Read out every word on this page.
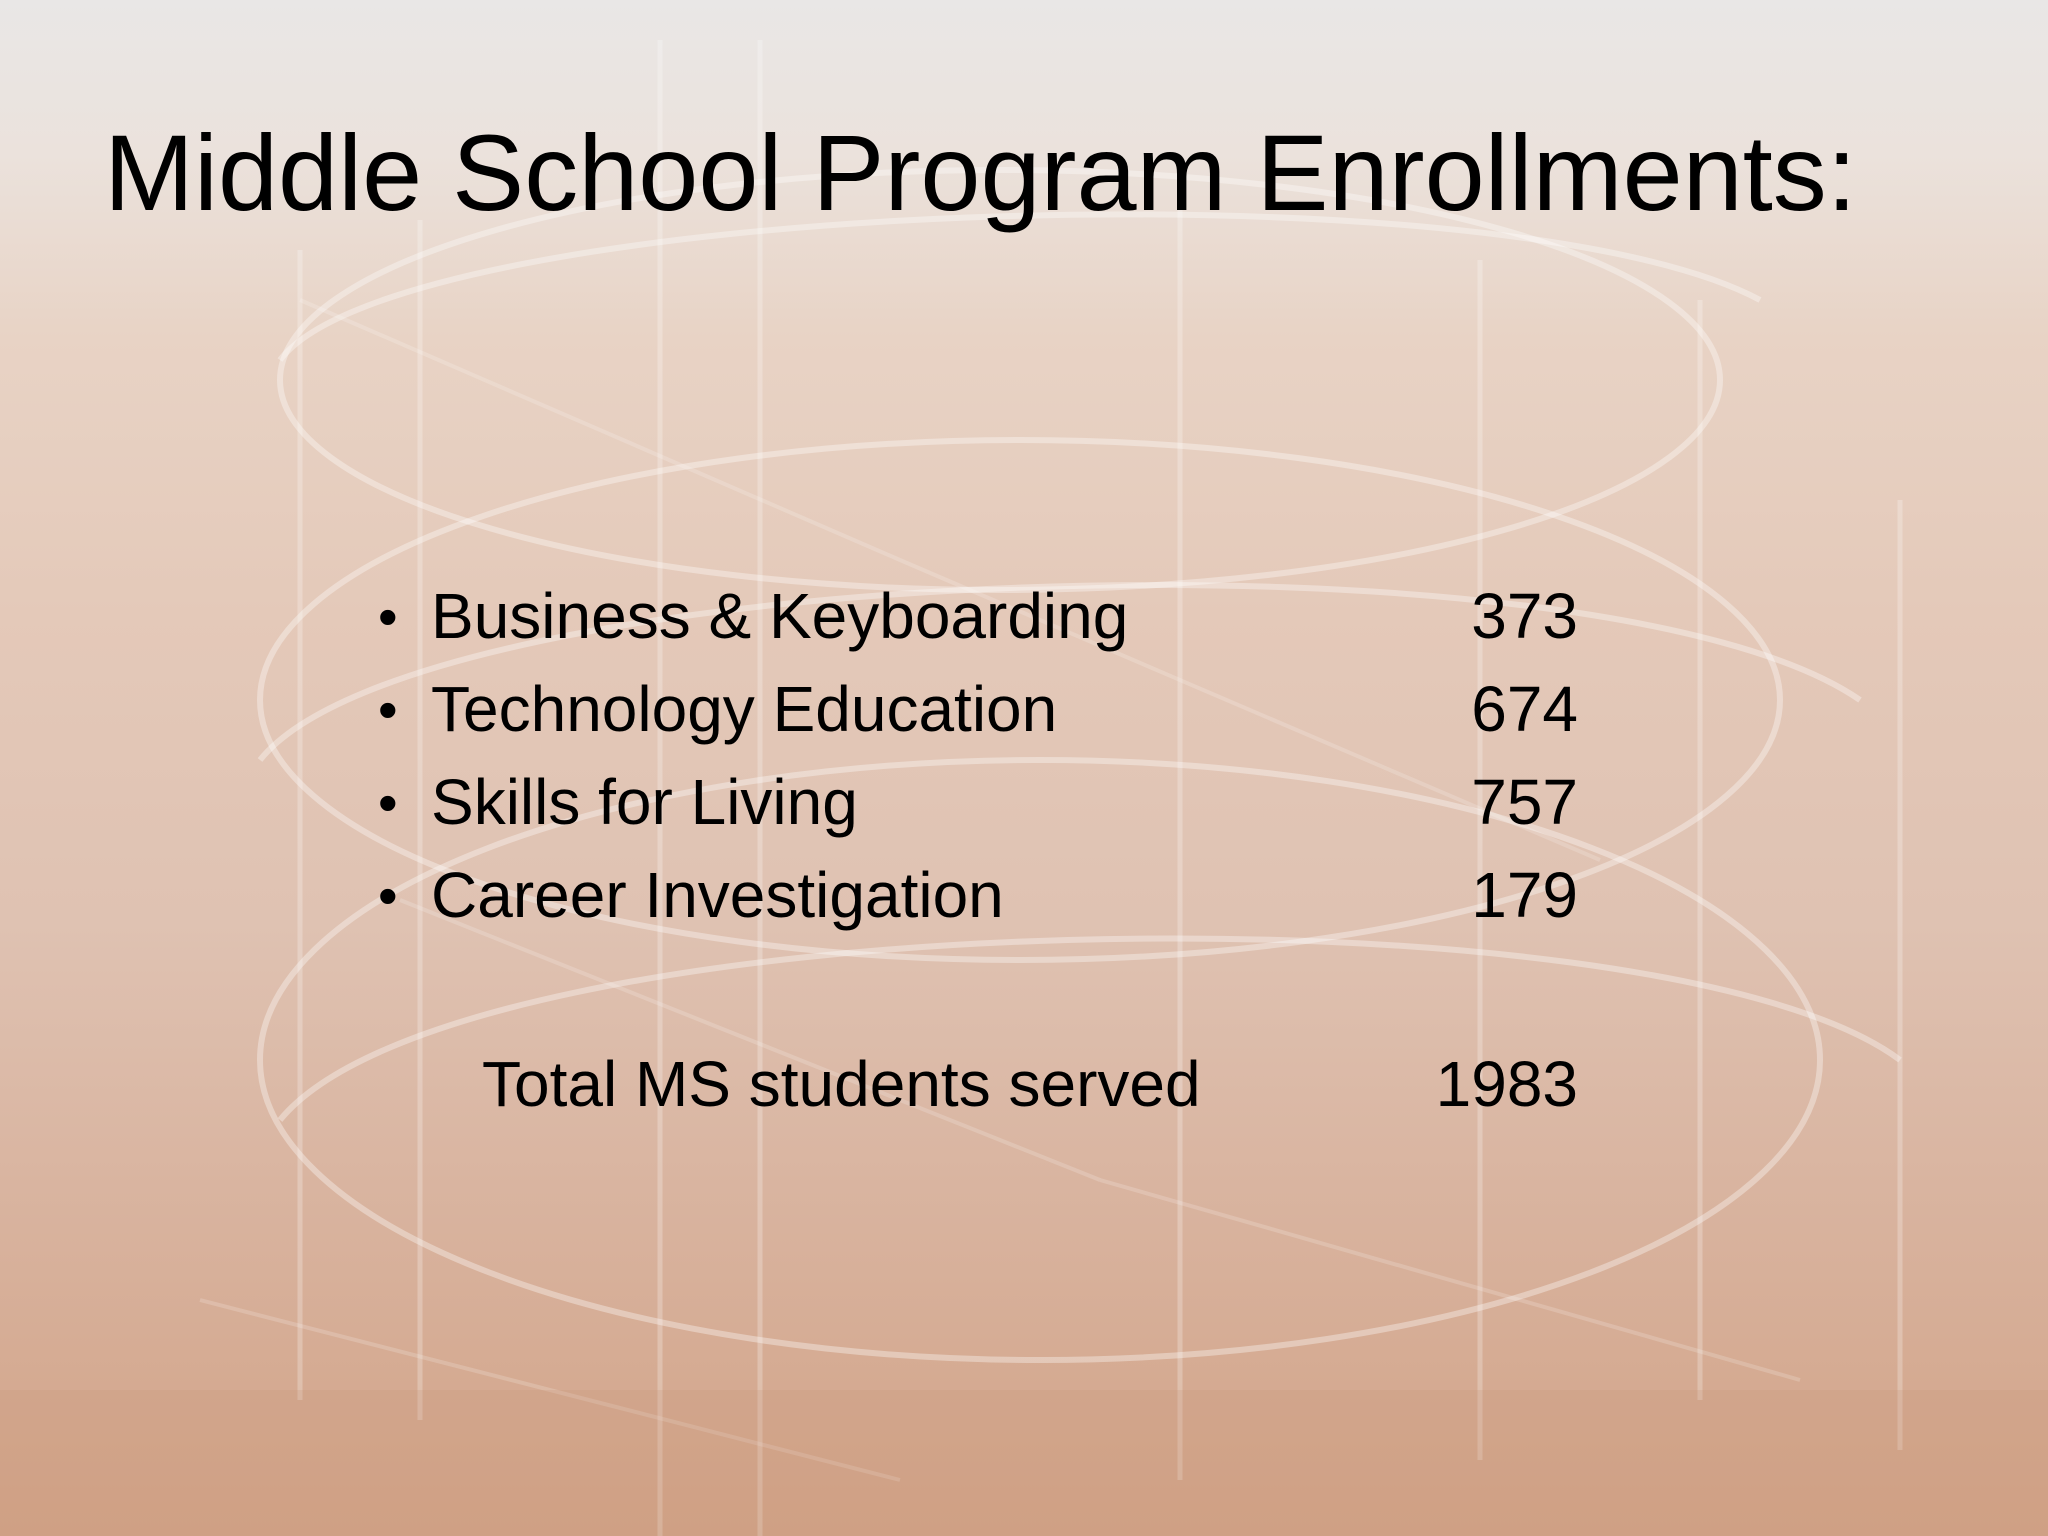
Middle School Program Enrollments:
• Business & Keyboarding	373
• Technology Education	674
• Skills for Living	757
• Career Investigation	179
Total MS students served	1983
